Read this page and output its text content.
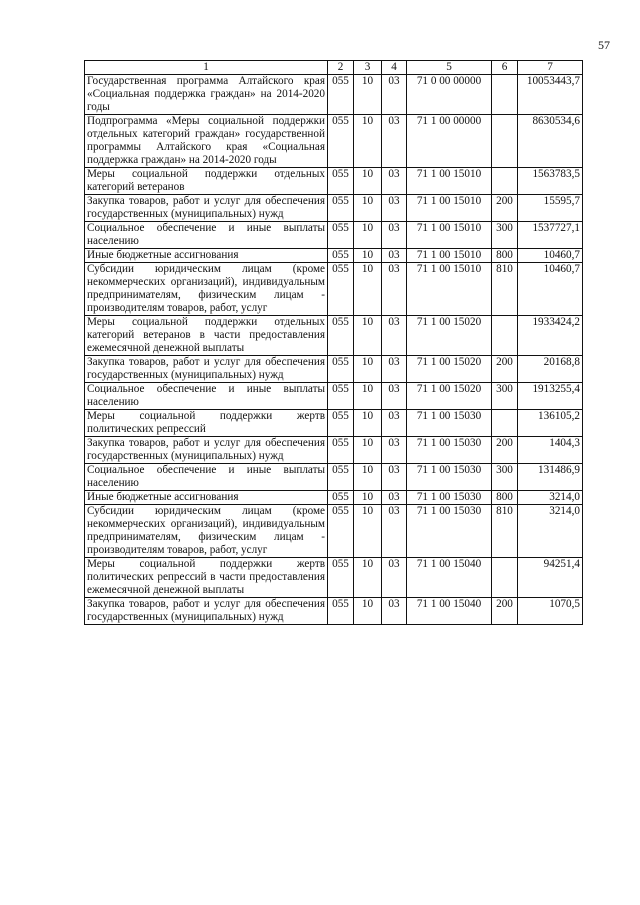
57
1	2	3	4	5	6	7
Государственная программа Алтайского края «Социальная поддержка граждан» на 2014-2020 годы	055	10	03	71 0 00 00000		10053443,7
Подпрограмма «Меры социальной поддержки отдельных категорий граждан» государственной программы Алтайского края «Социальная поддержка граждан» на 2014-2020 годы	055	10	03	71 1 00 00000		8630534,6
Меры социальной поддержки отдельных категорий ветеранов	055	10	03	71 1 00 15010		1563783,5
Закупка товаров, работ и услуг для обеспечения государственных (муниципальных) нужд	055	10	03	71 1 00 15010	200	15595,7
Социальное обеспечение и иные выплаты населению	055	10	03	71 1 00 15010	300	1537727,1
Иные бюджетные ассигнования	055	10	03	71 1 00 15010	800	10460,7
Субсидии юридическим лицам (кроме некоммерческих организаций), индивидуальным предпринимателям, физическим лицам - производителям товаров, работ, услуг	055	10	03	71 1 00 15010	810	10460,7
Меры социальной поддержки отдельных категорий ветеранов в части предоставления ежемесячной денежной выплаты	055	10	03	71 1 00 15020		1933424,2
Закупка товаров, работ и услуг для обеспечения государственных (муниципальных) нужд	055	10	03	71 1 00 15020	200	20168,8
Социальное обеспечение и иные выплаты населению	055	10	03	71 1 00 15020	300	1913255,4
Меры социальной поддержки жертв политических репрессий	055	10	03	71 1 00 15030		136105,2
Закупка товаров, работ и услуг для обеспечения государственных (муниципальных) нужд	055	10	03	71 1 00 15030	200	1404,3
Социальное обеспечение и иные выплаты населению	055	10	03	71 1 00 15030	300	131486,9
Иные бюджетные ассигнования	055	10	03	71 1 00 15030	800	3214,0
Субсидии юридическим лицам (кроме некоммерческих организаций), индивидуальным предпринимателям, физическим лицам - производителям товаров, работ, услуг	055	10	03	71 1 00 15030	810	3214,0
Меры социальной поддержки жертв политических репрессий в части предоставления ежемесячной денежной выплаты	055	10	03	71 1 00 15040		94251,4
Закупка товаров, работ и услуг для обеспечения государственных (муниципальных) нужд	055	10	03	71 1 00 15040	200	1070,5
